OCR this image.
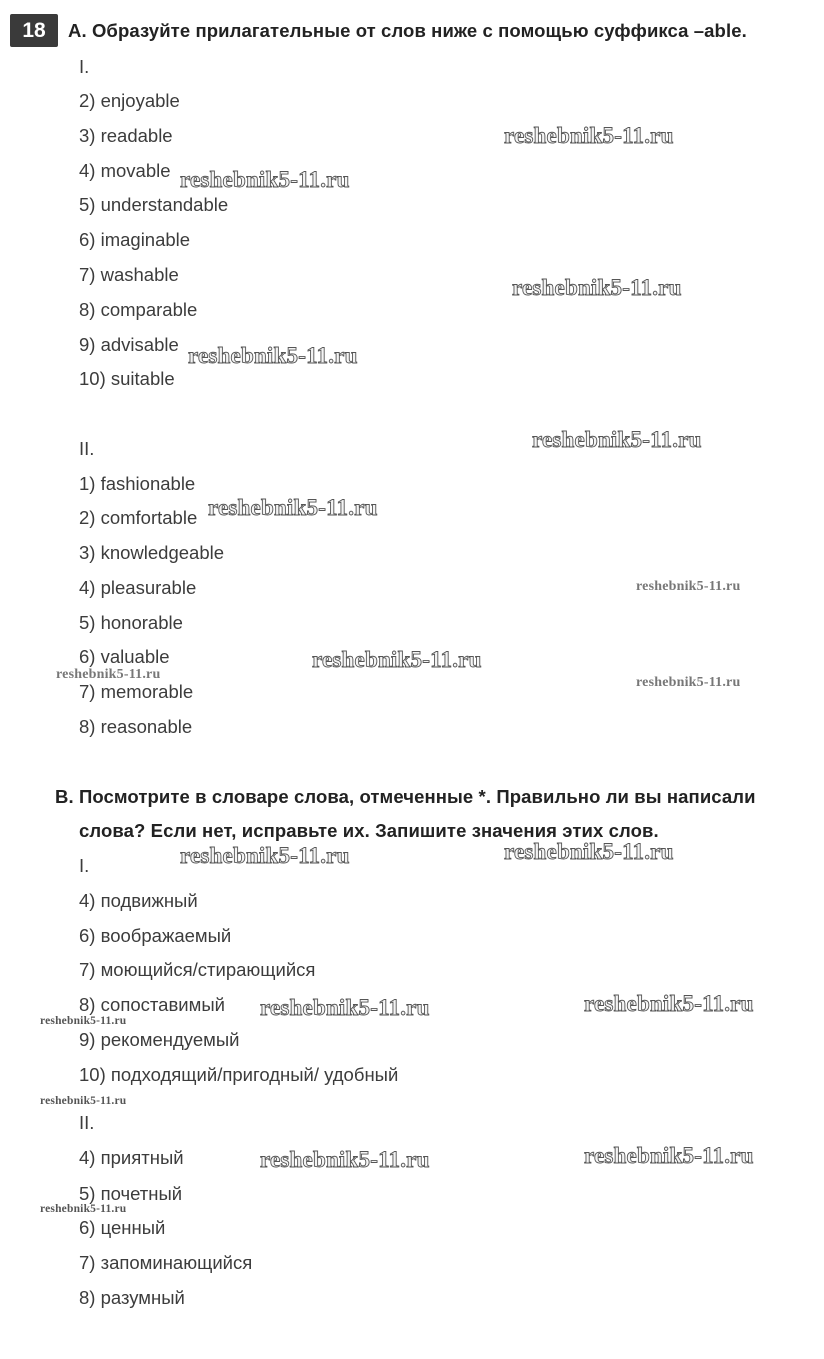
18	A. Образуйте прилагательные от слов ниже с помощью суффикса –able.
I.
2) enjoyable
3) readable
4) movable
5) understandable
6) imaginable
7) washable
8) comparable
9) advisable
10) suitable
II.
1) fashionable
2) comfortable
3) knowledgeable
4) pleasurable
5) honorable
6) valuable
7) memorable
8) reasonable
B. Посмотрите в словаре слова, отмеченные *. Правильно ли вы написали
слова? Если нет, исправьте их. Запишите значения этих слов.
I.
4) подвижный
6) воображаемый
7) моющийся/стирающийся
8) сопоставимый
9) рекомендуемый
10) подходящий/пригодный/ удобный
II.
4) приятный
5) почетный
6) ценный
7) запоминающийся
8) разумный
reshebnik5-11.ru
reshebnik5-11.ru
reshebnik5-11.ru
reshebnik5-11.ru
reshebnik5-11.ru
reshebnik5-11.ru
reshebnik5-11.ru
reshebnik5-11.ru
reshebnik5-11.ru
reshebnik5-11.ru
reshebnik5-11.ru	reshebnik5-11.ru
reshebnik5-11.ru	reshebnik5-11.ru
reshebnik5-11.ru
reshebnik5-11.ru
reshebnik5-11.ru	reshebnik5-11.ru
reshebnik5-11.ru
